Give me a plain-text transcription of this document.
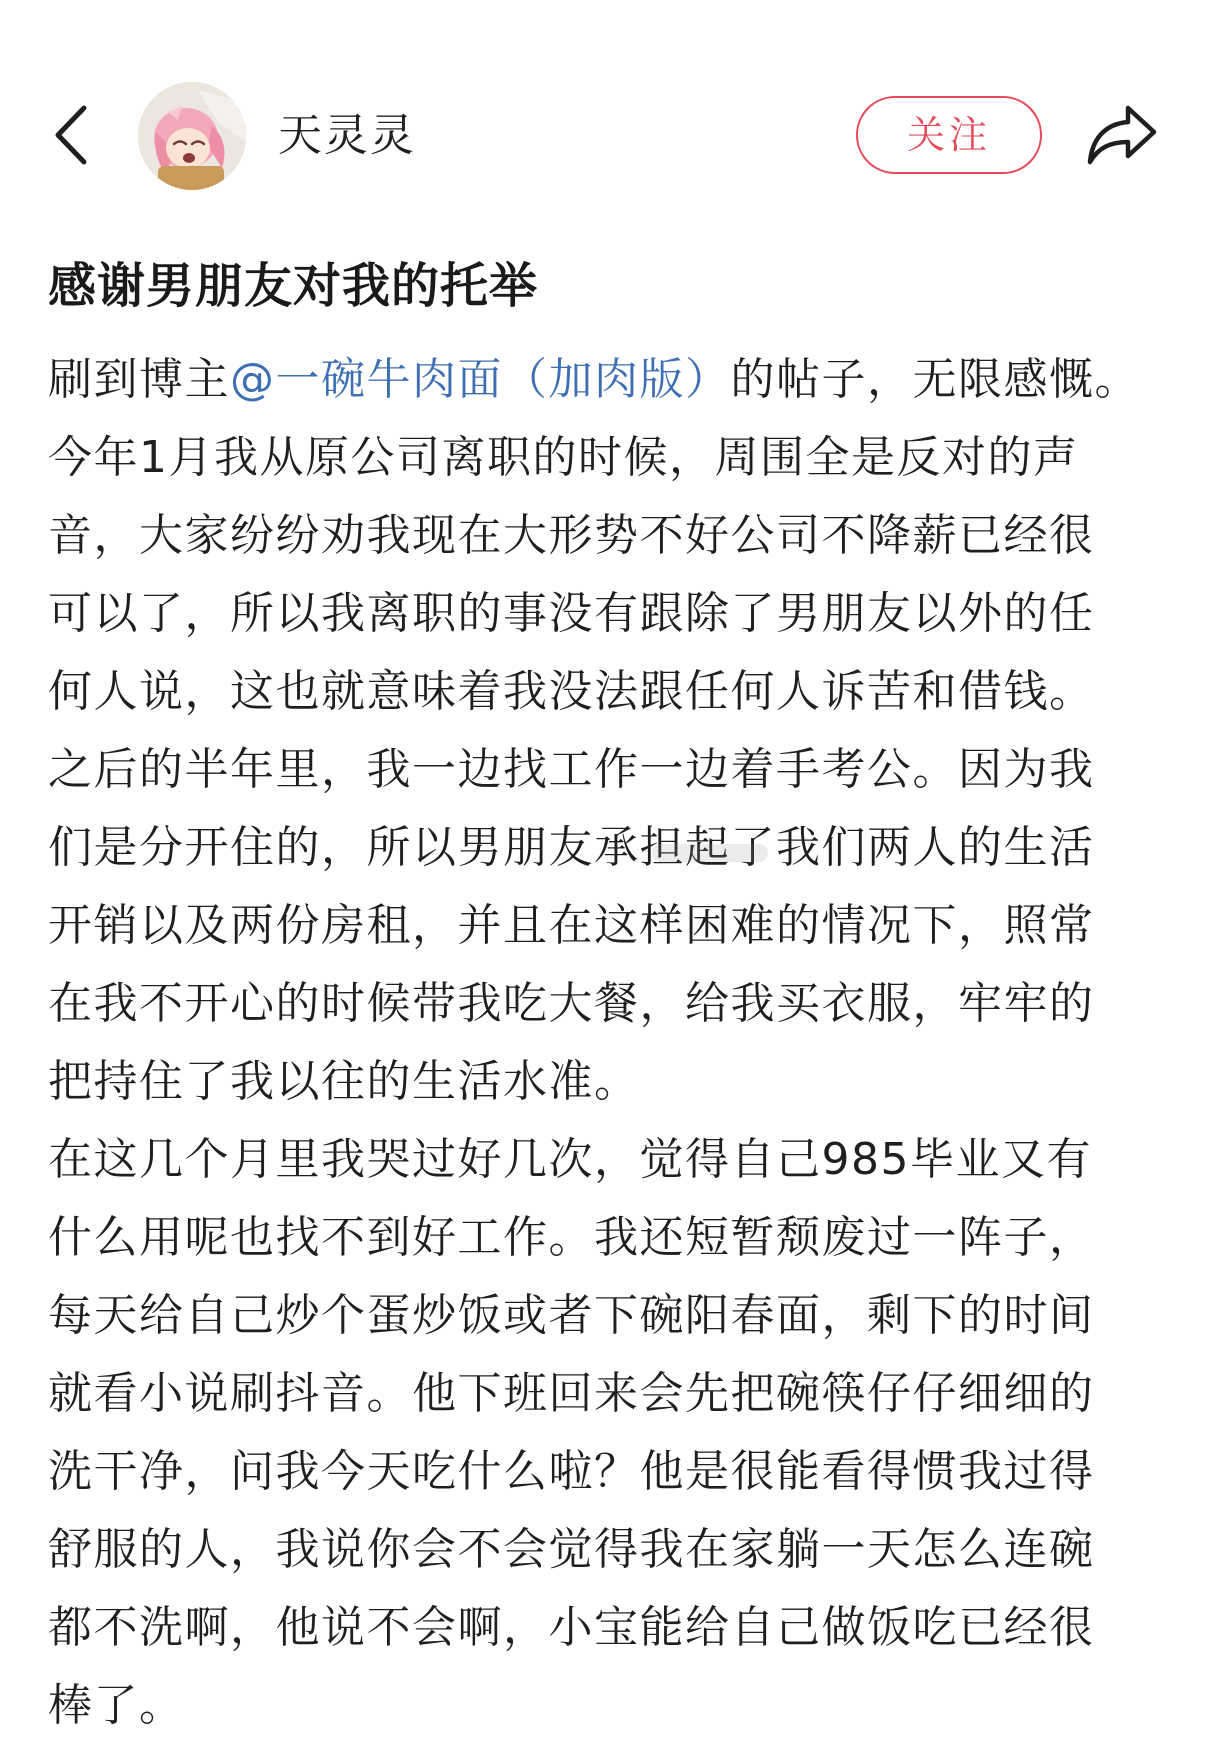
天灵灵	关注
感谢男朋友对我的托举
刷到博主@一碗牛肉面（加肉版）的帖子，无限感慨。
今年1月我从原公司离职的时候，周围全是反对的声
音，大家纷纷劝我现在大形势不好公司不降薪已经很
可以了，所以我离职的事没有跟除了男朋友以外的任
何人说，这也就意味着我没法跟任何人诉苦和借钱。
之后的半年里，我一边找工作一边着手考公。因为我
们是分开住的，所以男朋友承担起了我们两人的生活
开销以及两份房租，并且在这样困难的情况下，照常
在我不开心的时候带我吃大餐，给我买衣服，牢牢的
把持住了我以往的生活水准。
在这几个月里我哭过好几次，觉得自己985毕业又有
什么用呢也找不到好工作。我还短暂颓废过一阵子，
每天给自己炒个蛋炒饭或者下碗阳春面，剩下的时间
就看小说刷抖音。他下班回来会先把碗筷仔仔细细的
洗干净，问我今天吃什么啦？他是很能看得惯我过得
舒服的人，我说你会不会觉得我在家躺一天怎么连碗
都不洗啊，他说不会啊，小宝能给自己做饭吃已经很
棒了。
